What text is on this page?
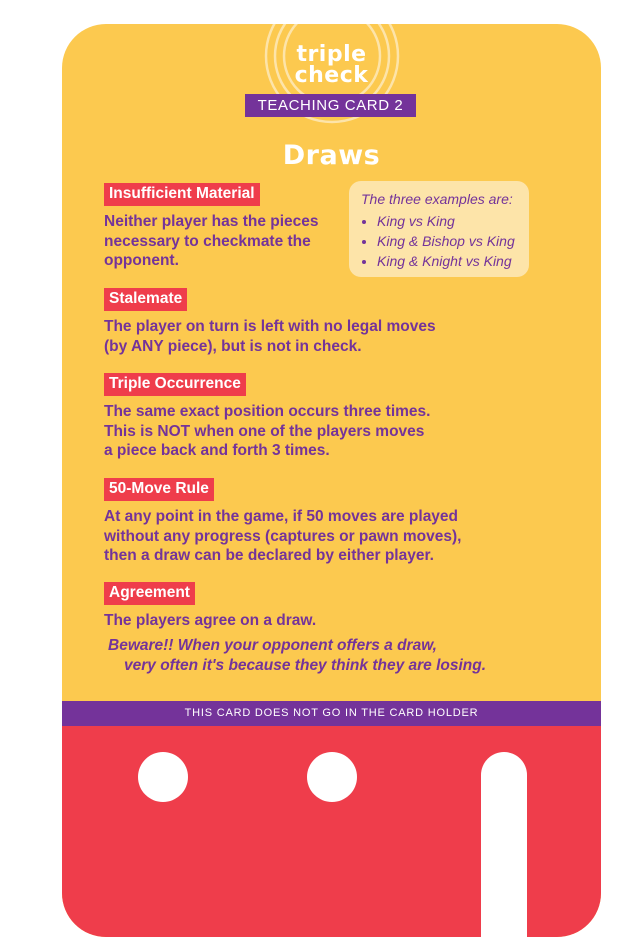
triple
check
TEACHING CARD 2
Draws
Insufficient Material
Neither player has the pieces
necessary to checkmate the
opponent.
The three examples are:
• King vs King
• King & Bishop vs King
• King & Knight vs King
Stalemate
The player on turn is left with no legal moves
(by ANY piece), but is not in check.
Triple Occurrence
The same exact position occurs three times.
This is NOT when one of the players moves
a piece back and forth 3 times.
50-Move Rule
At any point in the game, if 50 moves are played
without any progress (captures or pawn moves),
then a draw can be declared by either player.
Agreement
The players agree on a draw.
Beware!! When your opponent offers a draw,
very often it's because they think they are losing.
THIS CARD DOES NOT GO IN THE CARD HOLDER
